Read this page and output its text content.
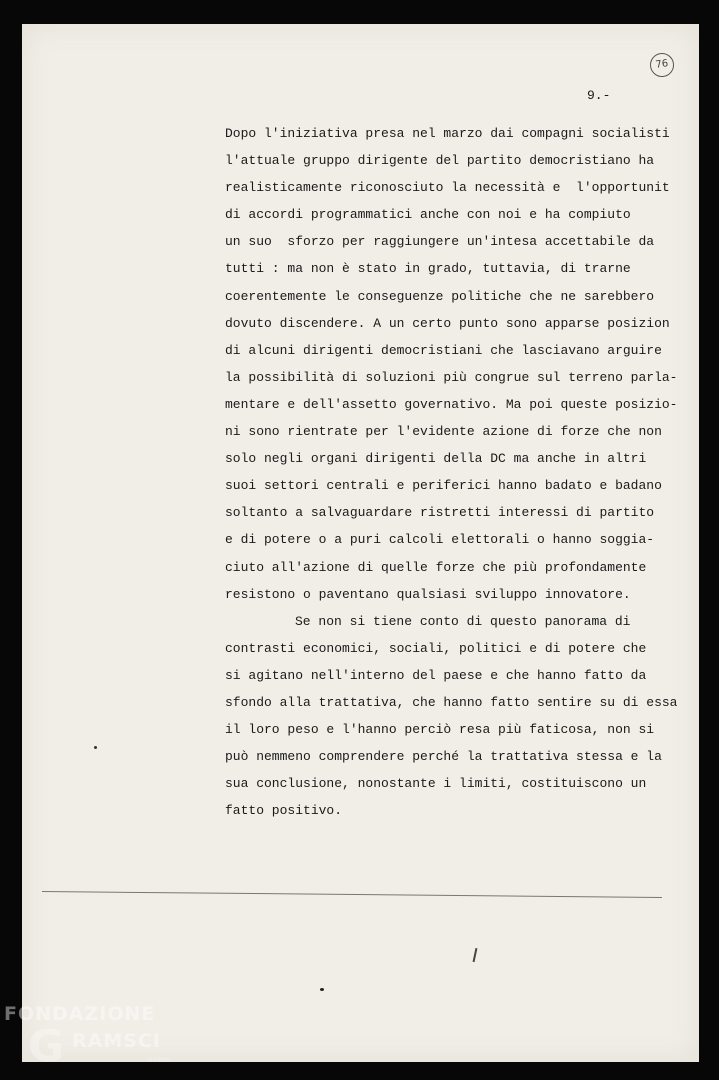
76
9.-
Dopo l'iniziativa presa nel marzo dai compagni socialisti
l'attuale gruppo dirigente del partito democristiano ha
realisticamente riconosciuto la necessità e  l'opportunit
di accordi programmatici anche con noi e ha compiuto
un suo  sforzo per raggiungere un'intesa accettabile da
tutti : ma non è stato in grado, tuttavia, di trarne
coerentemente le conseguenze politiche che ne sarebbero
dovuto discendere. A un certo punto sono apparse posizion
di alcuni dirigenti democristiani che lasciavano arguire
la possibilità di soluzioni più congrue sul terreno parla-
mentare e dell'assetto governativo. Ma poi queste posizio-
ni sono rientrate per l'evidente azione di forze che non
solo negli organi dirigenti della DC ma anche in altri
suoi settori centrali e periferici hanno badato e badano
soltanto a salvaguardare ristretti interessi di partito
e di potere o a puri calcoli elettorali o hanno soggia-
ciuto all'azione di quelle forze che più profondamente
resistono o paventano qualsiasi sviluppo innovatore.
Se non si tiene conto di questo panorama di
contrasti economici, sociali, politici e di potere che
si agitano nell'interno del paese e che hanno fatto da
sfondo alla trattativa, che hanno fatto sentire su di essa
il loro peso e l'hanno perciò resa più faticosa, non si
può nemmeno comprendere perché la trattativa stessa e la
sua conclusione, nonostante i limiti, costituiscono un
fatto positivo.
FONDAZIONE
G RAMSCI
onlus
